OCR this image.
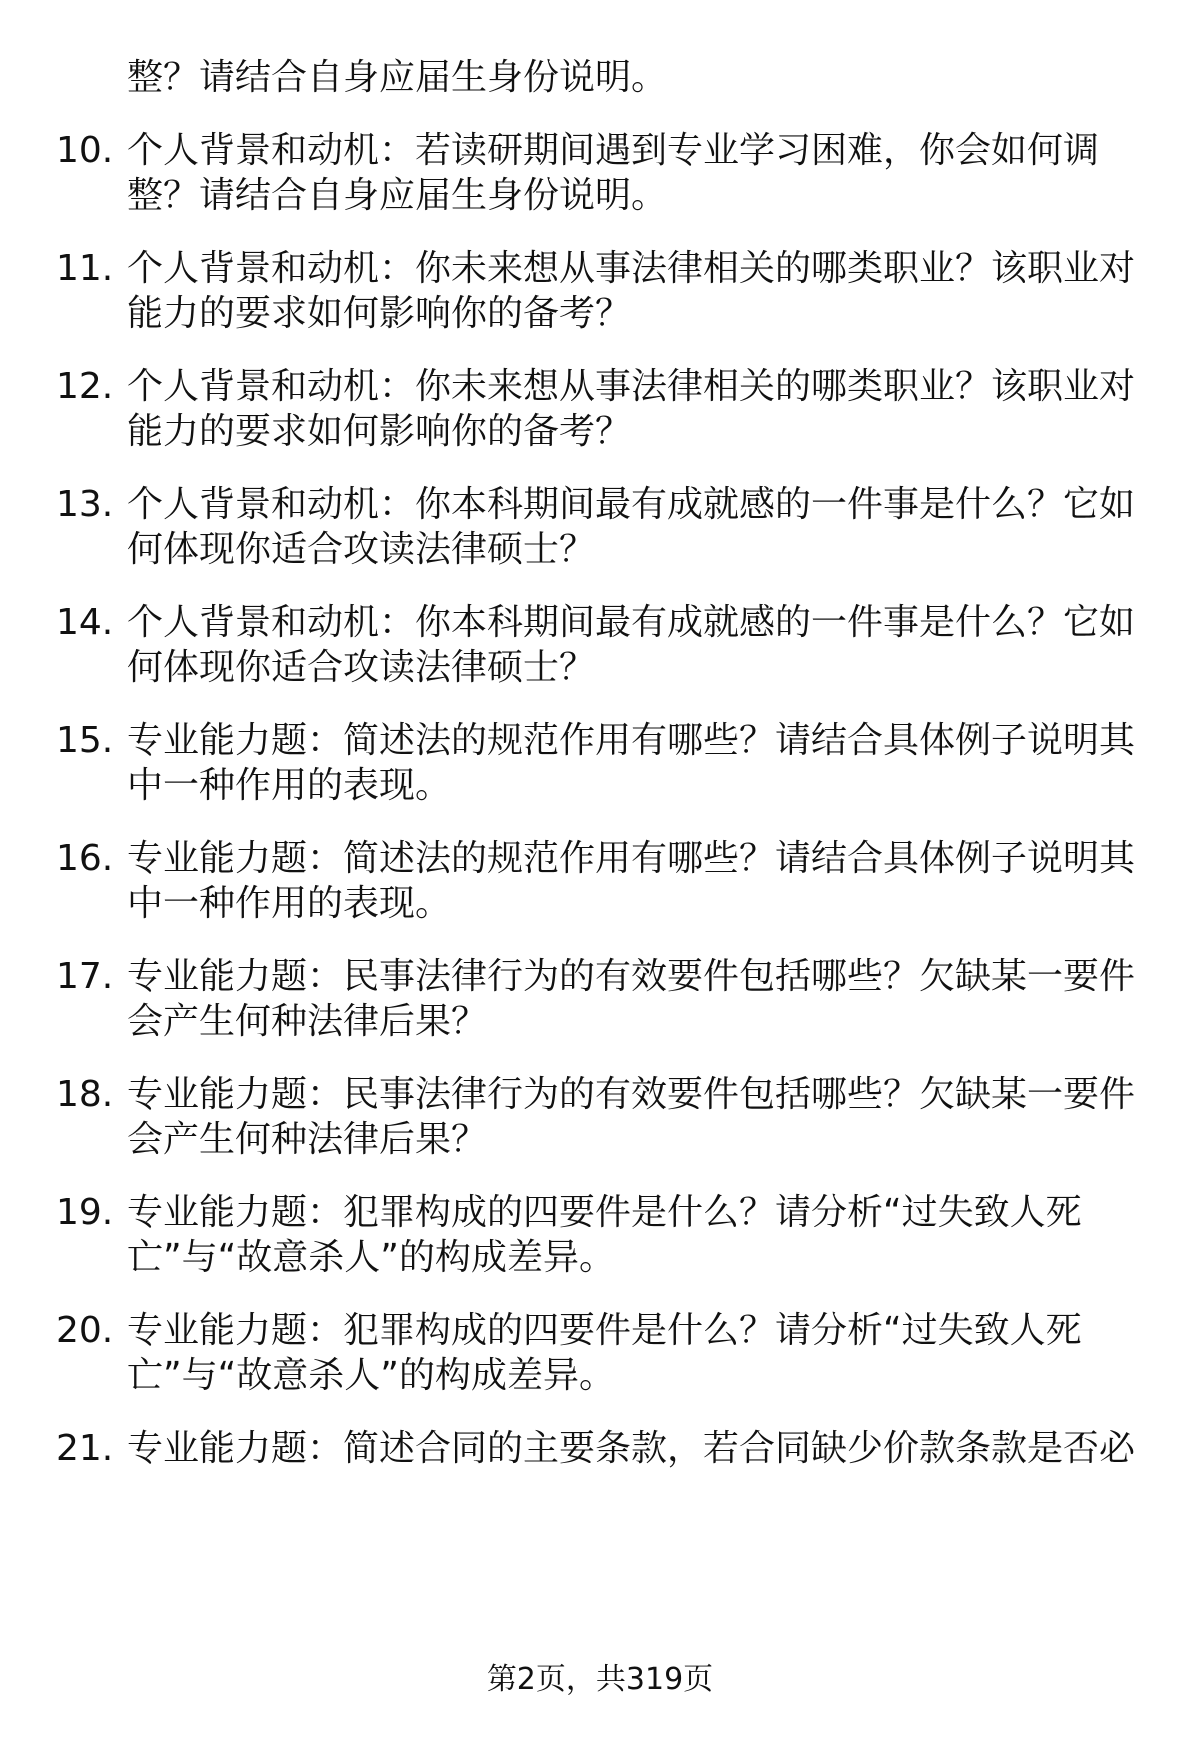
整？请结合自身应届生身份说明。
10. 个人背景和动机：若读研期间遇到专业学习困难，你会如何调
整？请结合自身应届生身份说明。
11. 个人背景和动机：你未来想从事法律相关的哪类职业？该职业对
能力的要求如何影响你的备考？
12. 个人背景和动机：你未来想从事法律相关的哪类职业？该职业对
能力的要求如何影响你的备考？
13. 个人背景和动机：你本科期间最有成就感的一件事是什么？它如
何体现你适合攻读法律硕士？
14. 个人背景和动机：你本科期间最有成就感的一件事是什么？它如
何体现你适合攻读法律硕士？
15. 专业能力题：简述法的规范作用有哪些？请结合具体例子说明其
中一种作用的表现。
16. 专业能力题：简述法的规范作用有哪些？请结合具体例子说明其
中一种作用的表现。
17. 专业能力题：民事法律行为的有效要件包括哪些？欠缺某一要件
会产生何种法律后果？
18. 专业能力题：民事法律行为的有效要件包括哪些？欠缺某一要件
会产生何种法律后果？
19. 专业能力题：犯罪构成的四要件是什么？请分析“过失致人死
亡”与“故意杀人”的构成差异。
20. 专业能力题：犯罪构成的四要件是什么？请分析“过失致人死
亡”与“故意杀人”的构成差异。
21. 专业能力题：简述合同的主要条款，若合同缺少价款条款是否必
第2页，共319页
